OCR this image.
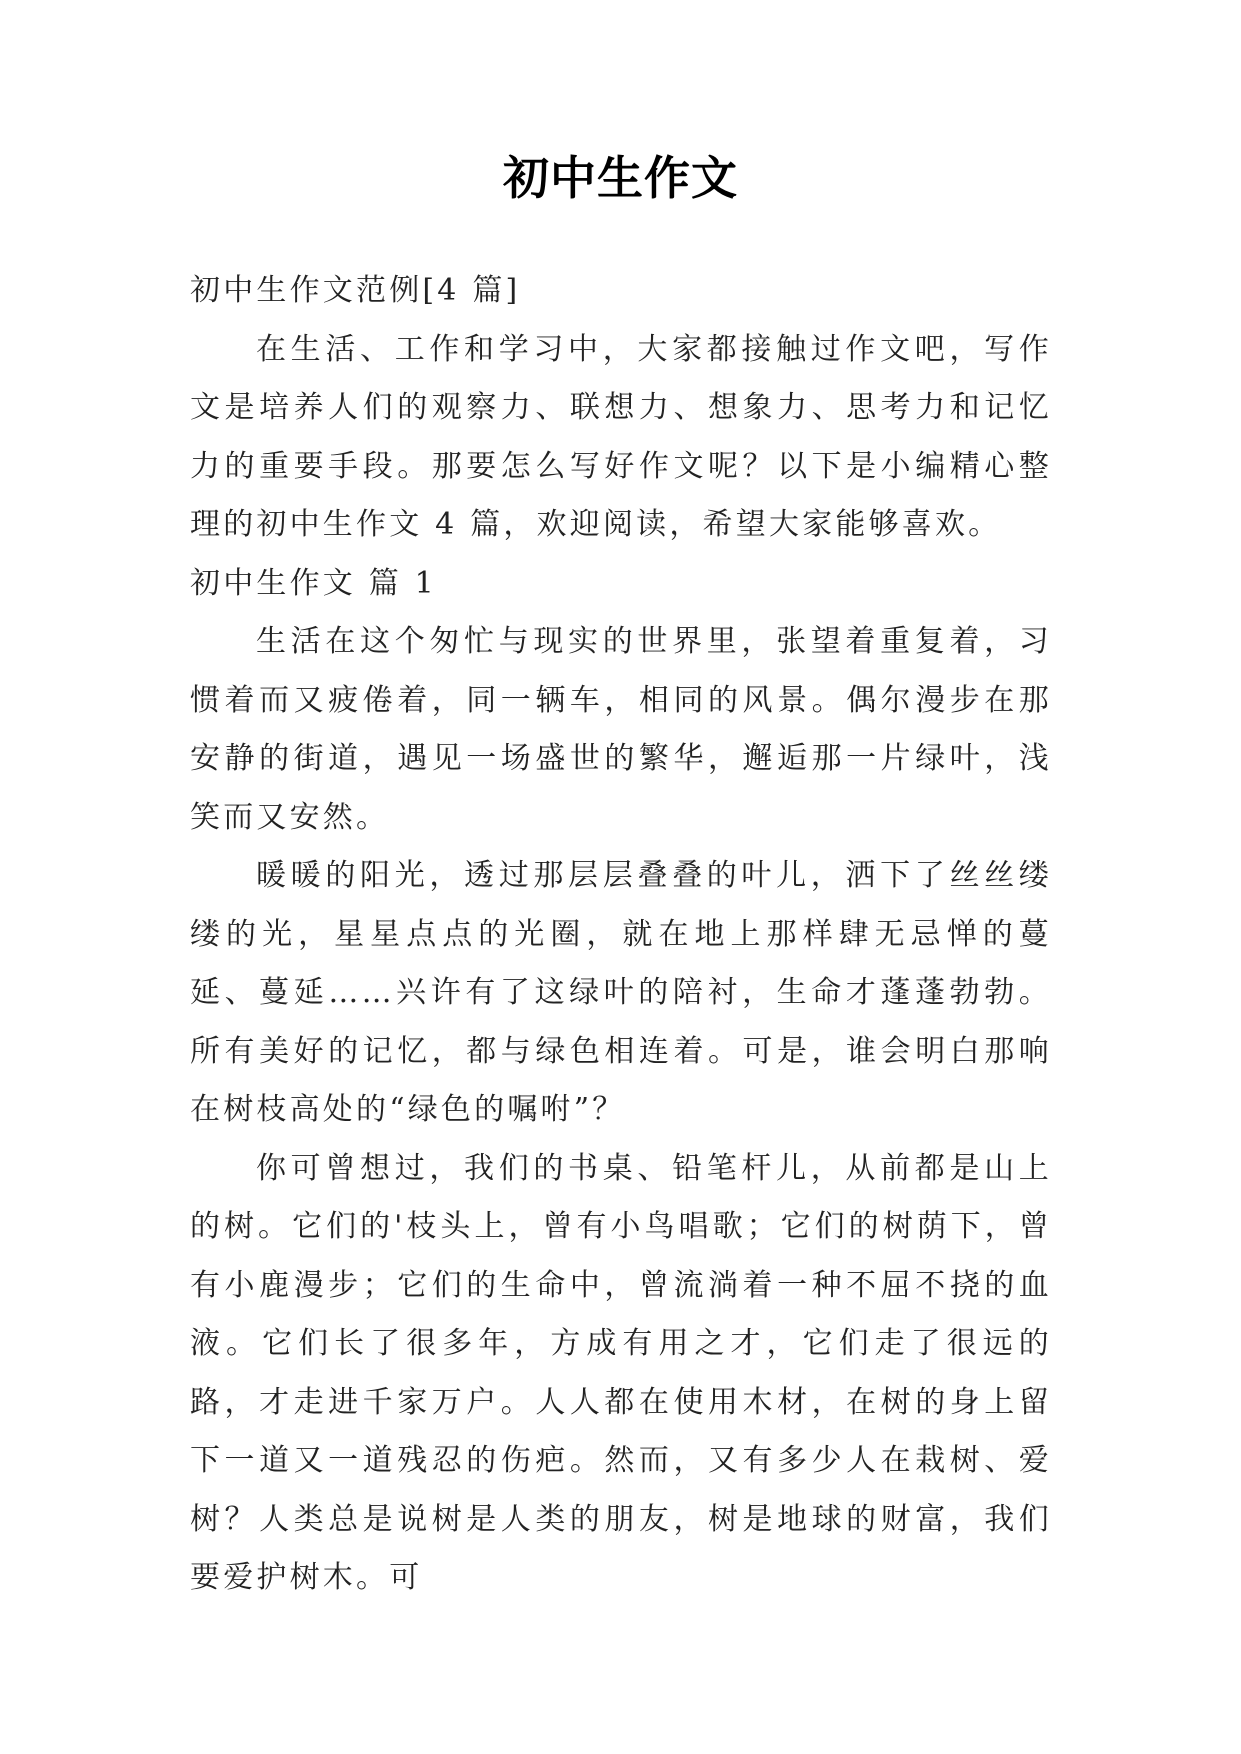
初中生作文

初中生作文范例[4 篇]

在生活、工作和学习中，大家都接触过作文吧，写作文是培养人们的观察力、联想力、想象力、思考力和记忆力的重要手段。那要怎么写好作文呢？以下是小编精心整理的初中生作文 4 篇，欢迎阅读，希望大家能够喜欢。

初中生作文 篇 1

生活在这个匆忙与现实的世界里，张望着重复着，习惯着而又疲倦着，同一辆车，相同的风景。偶尔漫步在那安静的街道，遇见一场盛世的繁华，邂逅那一片绿叶，浅笑而又安然。

暖暖的阳光，透过那层层叠叠的叶儿，洒下了丝丝缕缕的光，星星点点的光圈，就在地上那样肆无忌惮的蔓延、蔓延……兴许有了这绿叶的陪衬，生命才蓬蓬勃勃。所有美好的记忆，都与绿色相连着。可是，谁会明白那响在树枝高处的“绿色的嘱咐”？

你可曾想过，我们的书桌、铅笔杆儿，从前都是山上的树。它们的'枝头上，曾有小鸟唱歌；它们的树荫下，曾有小鹿漫步；它们的生命中，曾流淌着一种不屈不挠的血液。它们长了很多年，方成有用之才，它们走了很远的路，才走进千家万户。人人都在使用木材，在树的身上留下一道又一道残忍的伤疤。然而，又有多少人在栽树、爱树？人类总是说树是人类的朋友，树是地球的财富，我们要爱护树木。可
